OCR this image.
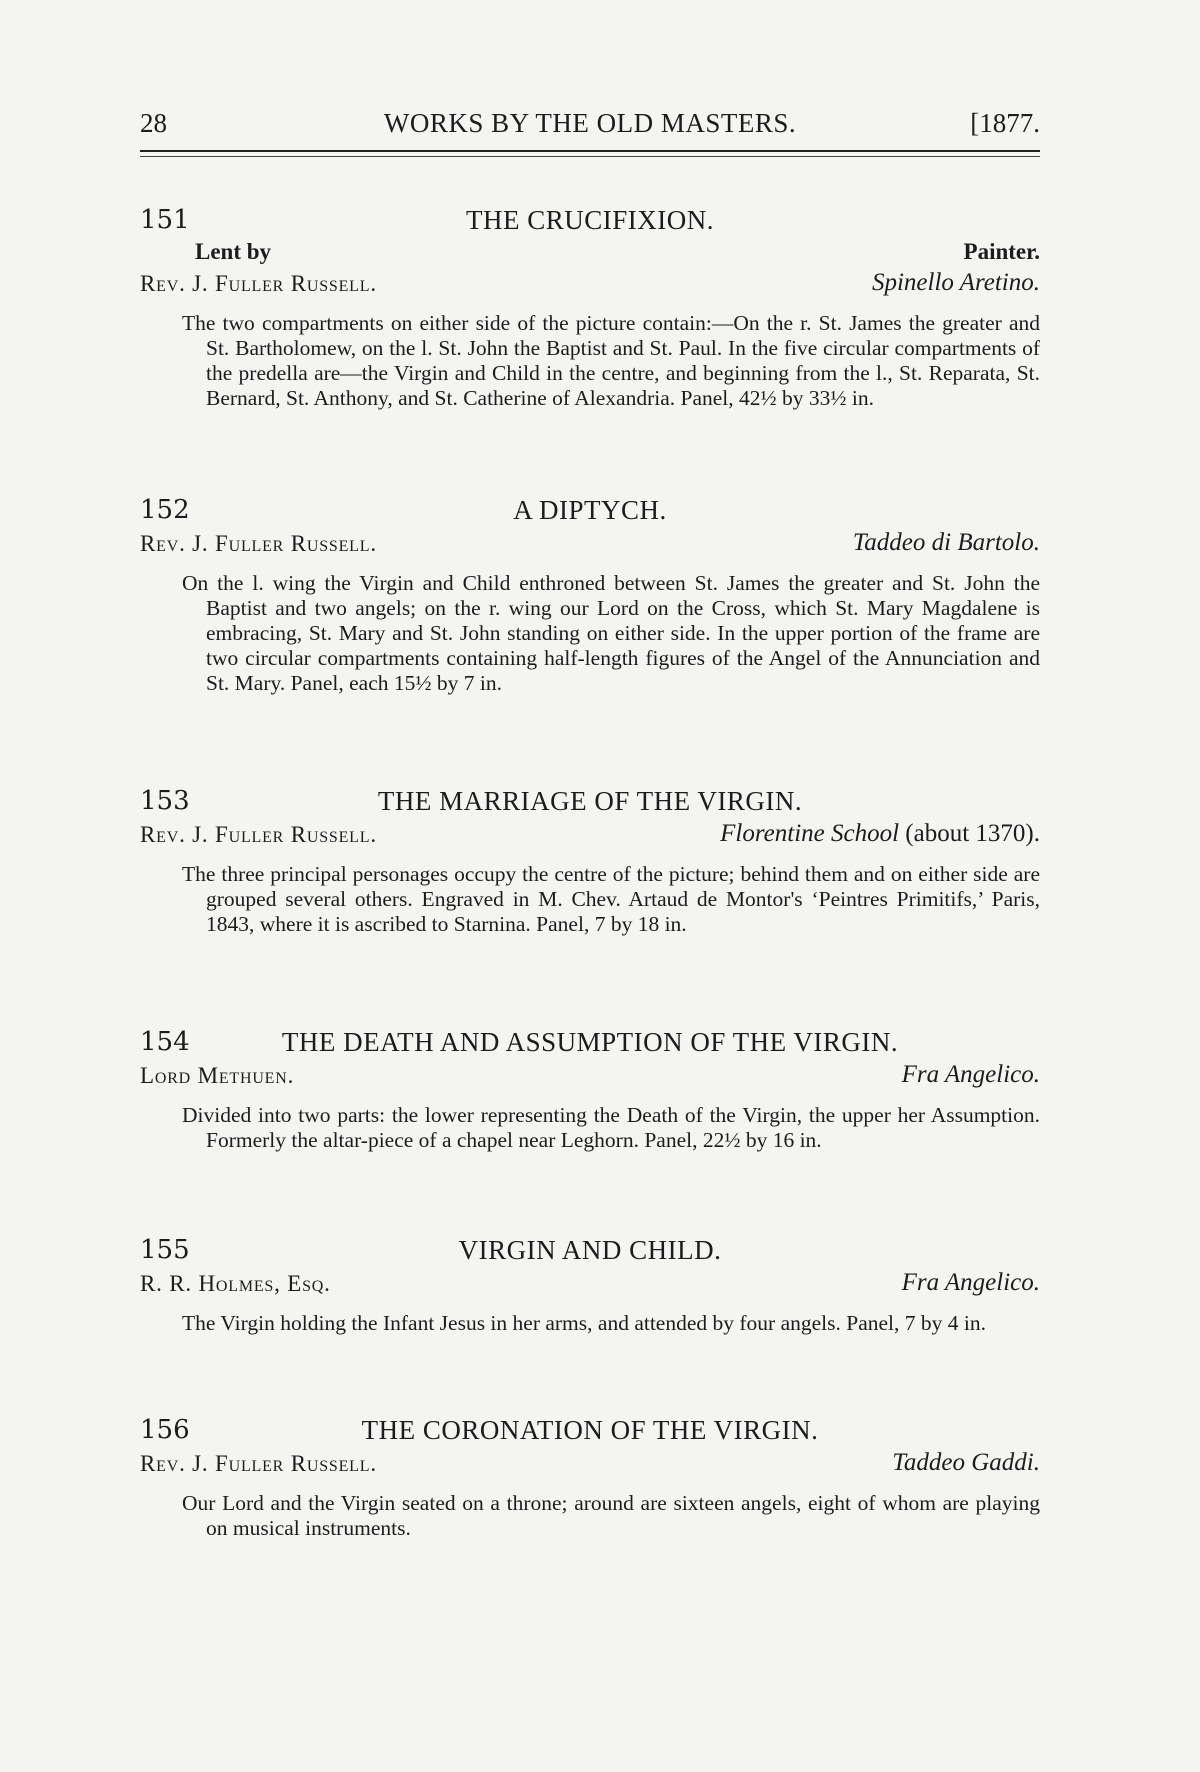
28	WORKS BY THE OLD MASTERS.	[1877.
151	THE CRUCIFIXION.
Lent by	Painter.
Rev. J. Fuller Russell.	Spinello Aretino.
The two compartments on either side of the picture contain:—On the r. St. James the greater and St. Bartholomew, on the l. St. John the Baptist and St. Paul. In the five circular compartments of the predella are—the Virgin and Child in the centre, and beginning from the l., St. Reparata, St. Bernard, St. Anthony, and St. Catherine of Alexandria. Panel, 42½ by 33½ in.
152	A DIPTYCH.
Rev. J. Fuller Russell.	Taddeo di Bartolo.
On the l. wing the Virgin and Child enthroned between St. James the greater and St. John the Baptist and two angels; on the r. wing our Lord on the Cross, which St. Mary Magdalene is embracing, St. Mary and St. John standing on either side. In the upper portion of the frame are two circular compartments containing half-length figures of the Angel of the Annunciation and St. Mary. Panel, each 15½ by 7 in.
153	THE MARRIAGE OF THE VIRGIN.
Rev. J. Fuller Russell.	Florentine School (about 1370).
The three principal personages occupy the centre of the picture; behind them and on either side are grouped several others. Engraved in M. Chev. Artaud de Montor's ‘Peintres Primitifs,’ Paris, 1843, where it is ascribed to Starnina. Panel, 7 by 18 in.
154	THE DEATH AND ASSUMPTION OF THE VIRGIN.
Lord Methuen.	Fra Angelico.
Divided into two parts: the lower representing the Death of the Virgin, the upper her Assumption. Formerly the altar-piece of a chapel near Leghorn. Panel, 22½ by 16 in.
155	VIRGIN AND CHILD.
R. R. Holmes, Esq.	Fra Angelico.
The Virgin holding the Infant Jesus in her arms, and attended by four angels. Panel, 7 by 4 in.
156	THE CORONATION OF THE VIRGIN.
Rev. J. Fuller Russell.	Taddeo Gaddi.
Our Lord and the Virgin seated on a throne; around are sixteen angels, eight of whom are playing on musical instruments.
